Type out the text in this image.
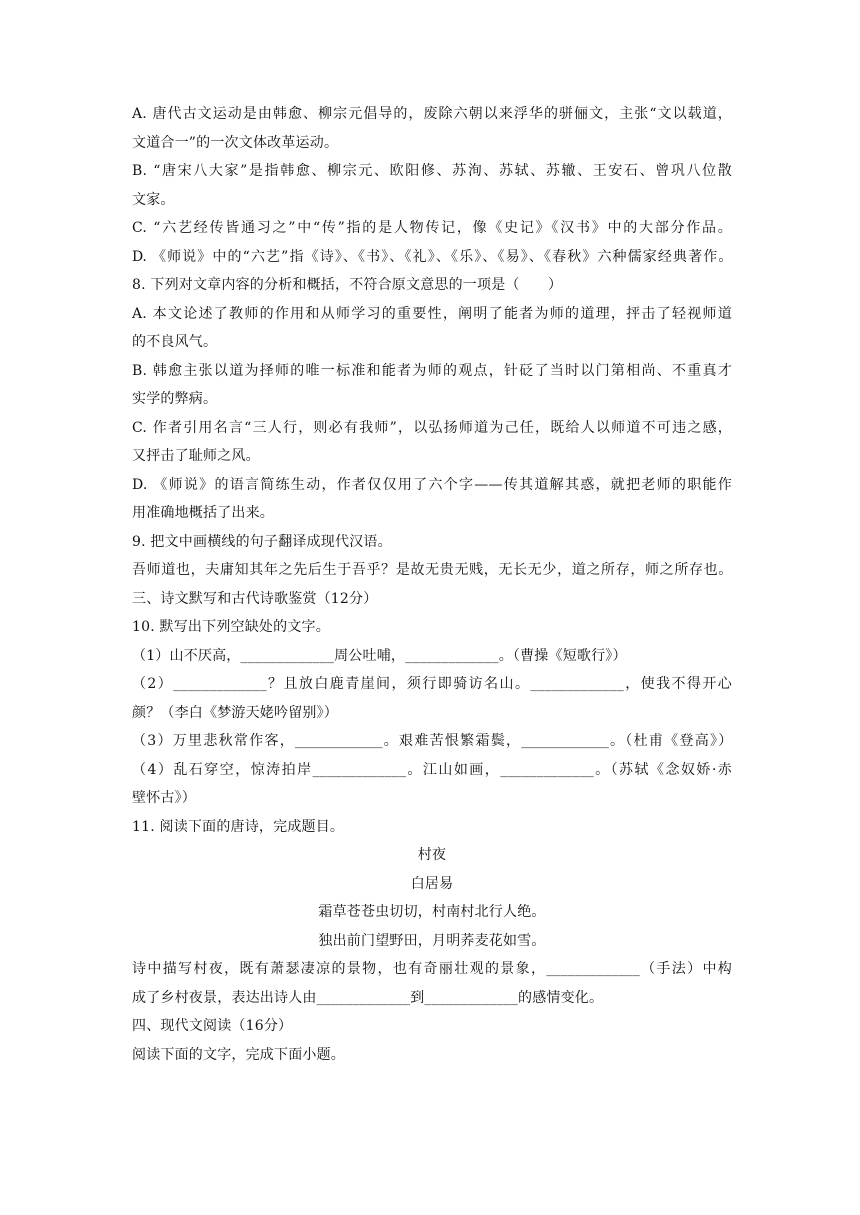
A. 唐代古文运动是由韩愈、柳宗元倡导的，废除六朝以来浮华的骈俪文，主张“文以载道，
文道合一”的一次文体改革运动。
B. “唐宋八大家”是指韩愈、柳宗元、欧阳修、苏洵、苏轼、苏辙、王安石、曾巩八位散
文家。
C. “六艺经传皆通习之”中“传”指的是人物传记，像《史记》《汉书》中的大部分作品。
D. 《师说》中的“六艺”指《诗》、《书》、《礼》、《乐》、《易》、《春秋》六种儒家经典著作。
8. 下列对文章内容的分析和概括，不符合原文意思的一项是（　　）
A. 本文论述了教师的作用和从师学习的重要性，阐明了能者为师的道理，抨击了轻视师道
的不良风气。
B. 韩愈主张以道为择师的唯一标准和能者为师的观点，针砭了当时以门第相尚、不重真才
实学的弊病。
C. 作者引用名言“三人行，则必有我师”，以弘扬师道为己任，既给人以师道不可违之感，
又抨击了耻师之风。
D. 《师说》的语言简练生动，作者仅仅用了六个字——传其道解其惑，就把老师的职能作
用准确地概括了出来。
9. 把文中画横线的句子翻译成现代汉语。
吾师道也，夫庸知其年之先后生于吾乎？是故无贵无贱，无长无少，道之所存，师之所存也。
三、诗文默写和古代诗歌鉴赏（12分）
10. 默写出下列空缺处的文字。
（1）山不厌高，_____________周公吐哺，_____________。（曹操《短歌行》）
（2）_____________？且放白鹿青崖间，须行即骑访名山。_____________，使我不得开心
颜？（李白《梦游天姥吟留别》）
（3）万里悲秋常作客，_____________。艰难苦恨繁霜鬓，_____________。（杜甫《登高》）
（4）乱石穿空，惊涛拍岸_____________。江山如画，_____________。（苏轼《念奴娇·赤
壁怀古》）
11. 阅读下面的唐诗，完成题目。
村夜
白居易
霜草苍苍虫切切，村南村北行人绝。
独出前门望野田，月明荞麦花如雪。
诗中描写村夜，既有萧瑟凄凉的景物，也有奇丽壮观的景象，_____________（手法）中构
成了乡村夜景，表达出诗人由_____________到_____________的感情变化。
四、现代文阅读（16分）
阅读下面的文字，完成下面小题。
